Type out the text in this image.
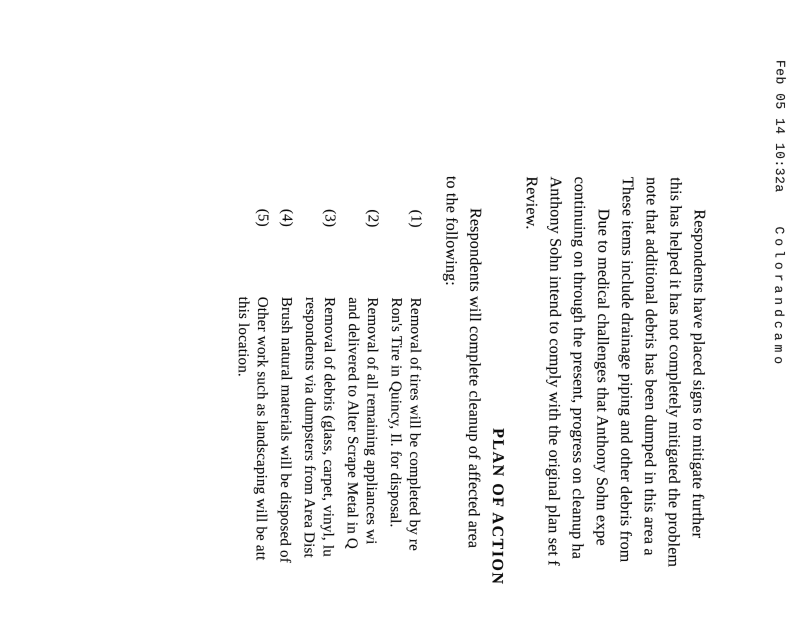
Feb 05 14 10:32a Colorandcamo
Respondents have placed signs to mitigate further
this has helped it has not completely mitigated the problem
note that additional debris has been dumped in this area a
These items include drainage piping and other debris from
Due to medical challenges that Anthony Sohn expe
continuing on through the present, progress on cleanup ha
Anthony Sohn intend to comply with the original plan set f
Review.
PLAN OF ACTION
Respondents will complete cleanup of affected area
to the following:
(1)
Removal of tires will be completed by re
Ron's Tire in Quincy, Il. for disposal.
(2)
Removal of all remaining appliances wi
and delivered to Alter Scrape Metal in Q
(3)
Removal of debris (glass, carpet, vinyl, lu
respondents via dumpsters from Area Dist
(4)
Brush natural materials will be disposed of
(5)
Other work such as landscaping will be att
this location.
